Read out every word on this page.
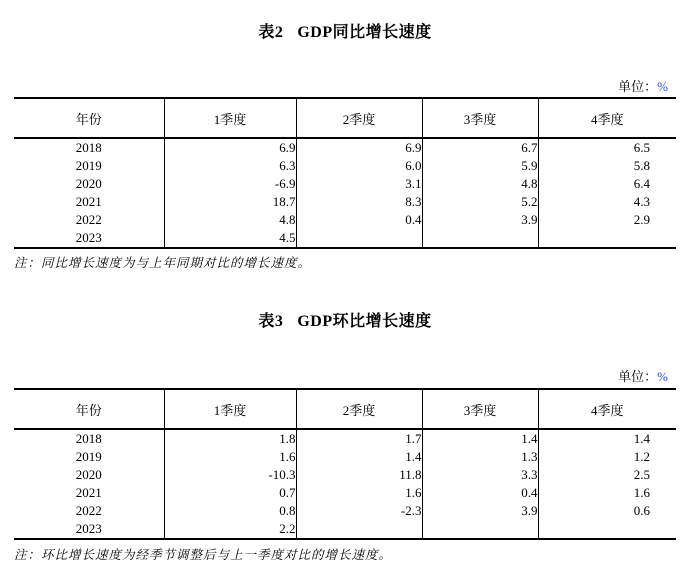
表2 GDP同比增长速度
单位：%
年份	1季度	2季度	3季度	4季度
2018	6.9	6.9	6.7	6.5
2019	6.3	6.0	5.9	5.8
2020	-6.9	3.1	4.8	6.4
2021	18.7	8.3	5.2	4.3
2022	4.8	0.4	3.9	2.9
2023	4.5			
注：同比增长速度为与上年同期对比的增长速度。
表3 GDP环比增长速度
单位：%
年份	1季度	2季度	3季度	4季度
2018	1.8	1.7	1.4	1.4
2019	1.6	1.4	1.3	1.2
2020	-10.3	11.8	3.3	2.5
2021	0.7	1.6	0.4	1.6
2022	0.8	-2.3	3.9	0.6
2023	2.2			
注：环比增长速度为经季节调整后与上一季度对比的增长速度。
